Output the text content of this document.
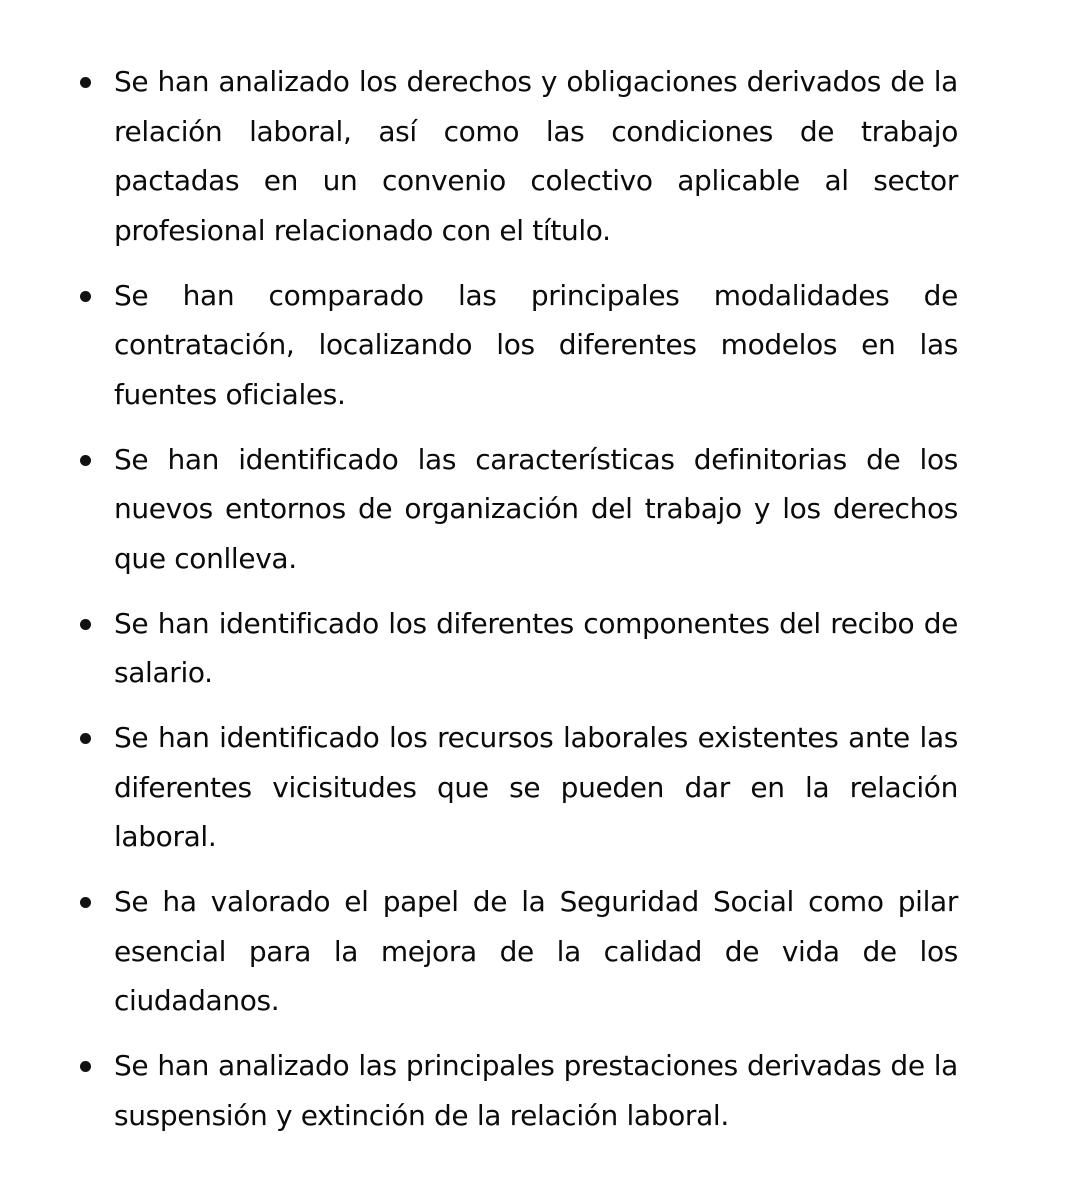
Se han analizado los derechos y obligaciones derivados de la relación laboral, así como las condiciones de trabajo pactadas en un convenio colectivo aplicable al sector profesional relacionado con el título.
Se han comparado las principales modalidades de contratación, localizando los diferentes modelos en las fuentes oficiales.
Se han identificado las características definitorias de los nuevos entornos de organización del trabajo y los derechos que conlleva.
Se han identificado los diferentes componentes del recibo de salario.
Se han identificado los recursos laborales existentes ante las diferentes vicisitudes que se pueden dar en la relación laboral.
Se ha valorado el papel de la Seguridad Social como pilar esencial para la mejora de la calidad de vida de los ciudadanos.
Se han analizado las principales prestaciones derivadas de la suspensión y extinción de la relación laboral.
